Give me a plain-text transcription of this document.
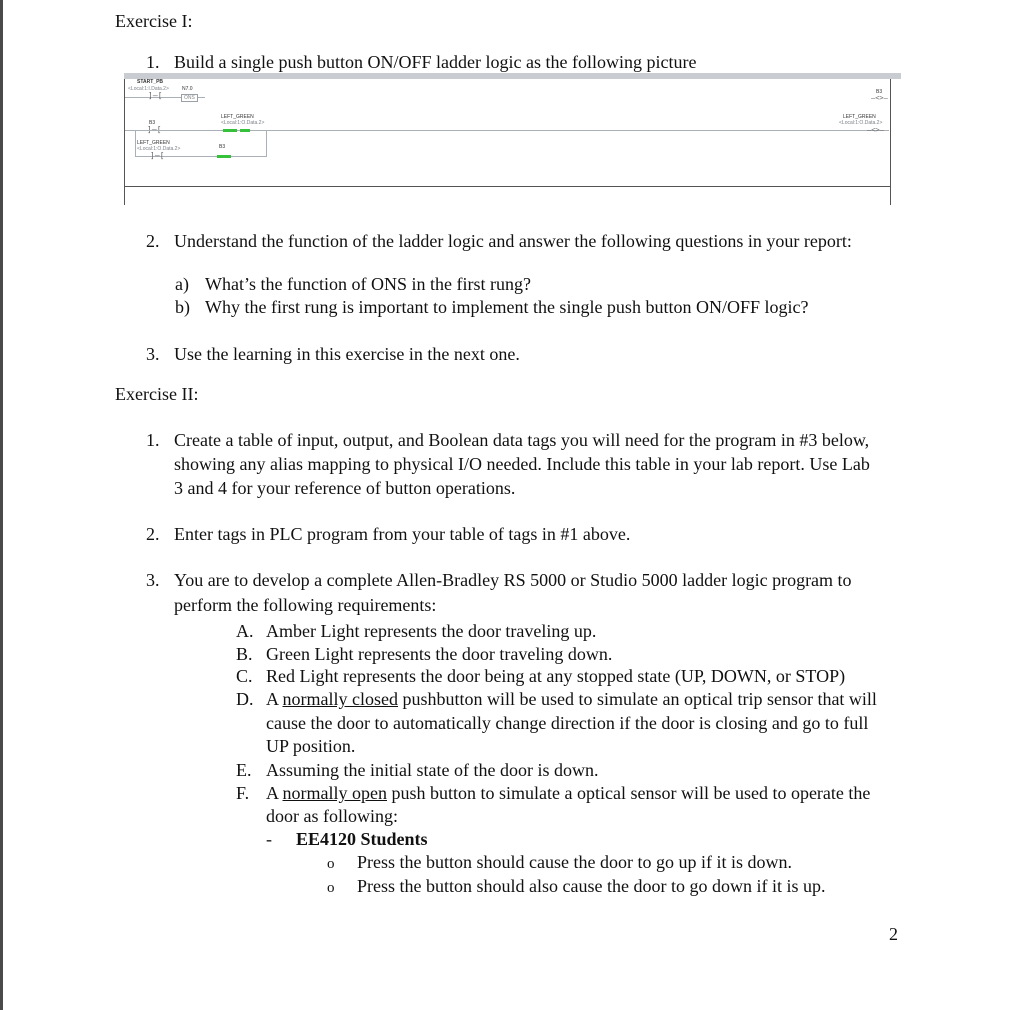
Exercise I:
1. Build a single push button ON/OFF ladder logic as the following picture
START_PB
<Local:1:I.Data.2>	N7.0
]‒[	ONS
B3
‒<>‒
LEFT_GREEN
<Local:1:O.Data.2>
B3
LEFT_GREEN
<Local:1:O.Data.2>
‒<>‒
LEFT_GREEN
<Local:1:O.Data.2>
]‒[
B3
2. Understand the function of the ladder logic and answer the following questions in your report:
a) What’s the function of ONS in the first rung?
b) Why the first rung is important to implement the single push button ON/OFF logic?
3. Use the learning in this exercise in the next one.
Exercise II:
1. Create a table of input, output, and Boolean data tags you will need for the program in #3 below,
showing any alias mapping to physical I/O needed. Include this table in your lab report. Use Lab
3 and 4 for your reference of button operations.
2. Enter tags in PLC program from your table of tags in #1 above.
3. You are to develop a complete Allen-Bradley RS 5000 or Studio 5000 ladder logic program to
perform the following requirements:
A. Amber Light represents the door traveling up.
B. Green Light represents the door traveling down.
C. Red Light represents the door being at any stopped state (UP, DOWN, or STOP)
D. A normally closed pushbutton will be used to simulate an optical trip sensor that will
cause the door to automatically change direction if the door is closing and go to full
UP position.
E. Assuming the initial state of the door is down.
F. A normally open push button to simulate a optical sensor will be used to operate the
door as following:
- EE4120 Students
o Press the button should cause the door to go up if it is down.
o Press the button should also cause the door to go down if it is up.
2
